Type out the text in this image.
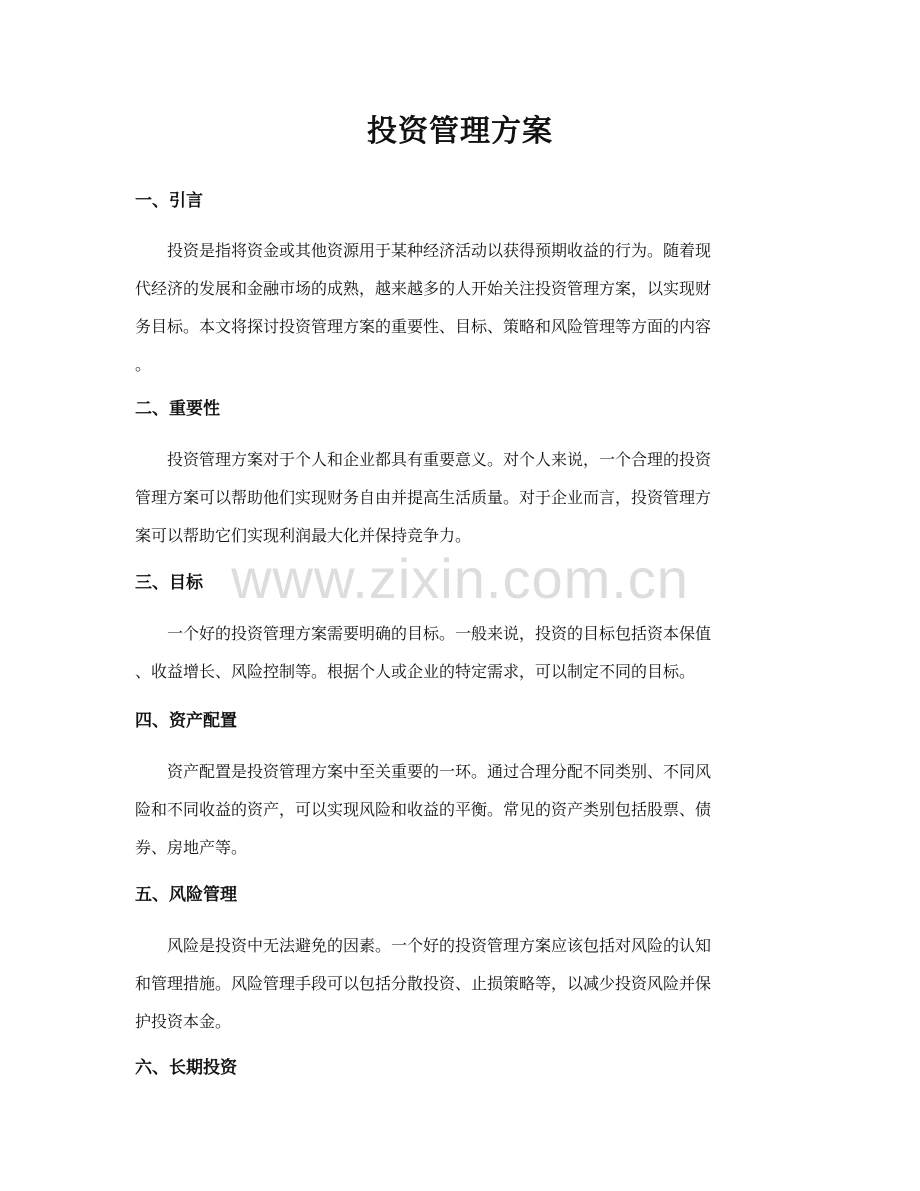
投资管理方案
一、引言
投资是指将资金或其他资源用于某种经济活动以获得预期收益的行为。随着现
代经济的发展和金融市场的成熟，越来越多的人开始关注投资管理方案，以实现财
务目标。本文将探讨投资管理方案的重要性、目标、策略和风险管理等方面的内容
。
二、重要性
投资管理方案对于个人和企业都具有重要意义。对个人来说，一个合理的投资
管理方案可以帮助他们实现财务自由并提高生活质量。对于企业而言，投资管理方
案可以帮助它们实现利润最大化并保持竞争力。
三、目标
一个好的投资管理方案需要明确的目标。一般来说，投资的目标包括资本保值
、收益增长、风险控制等。根据个人或企业的特定需求，可以制定不同的目标。
四、资产配置
资产配置是投资管理方案中至关重要的一环。通过合理分配不同类别、不同风
险和不同收益的资产，可以实现风险和收益的平衡。常见的资产类别包括股票、债
券、房地产等。
五、风险管理
风险是投资中无法避免的因素。一个好的投资管理方案应该包括对风险的认知
和管理措施。风险管理手段可以包括分散投资、止损策略等，以减少投资风险并保
护投资本金。
六、长期投资
www.zixin.com.cn
